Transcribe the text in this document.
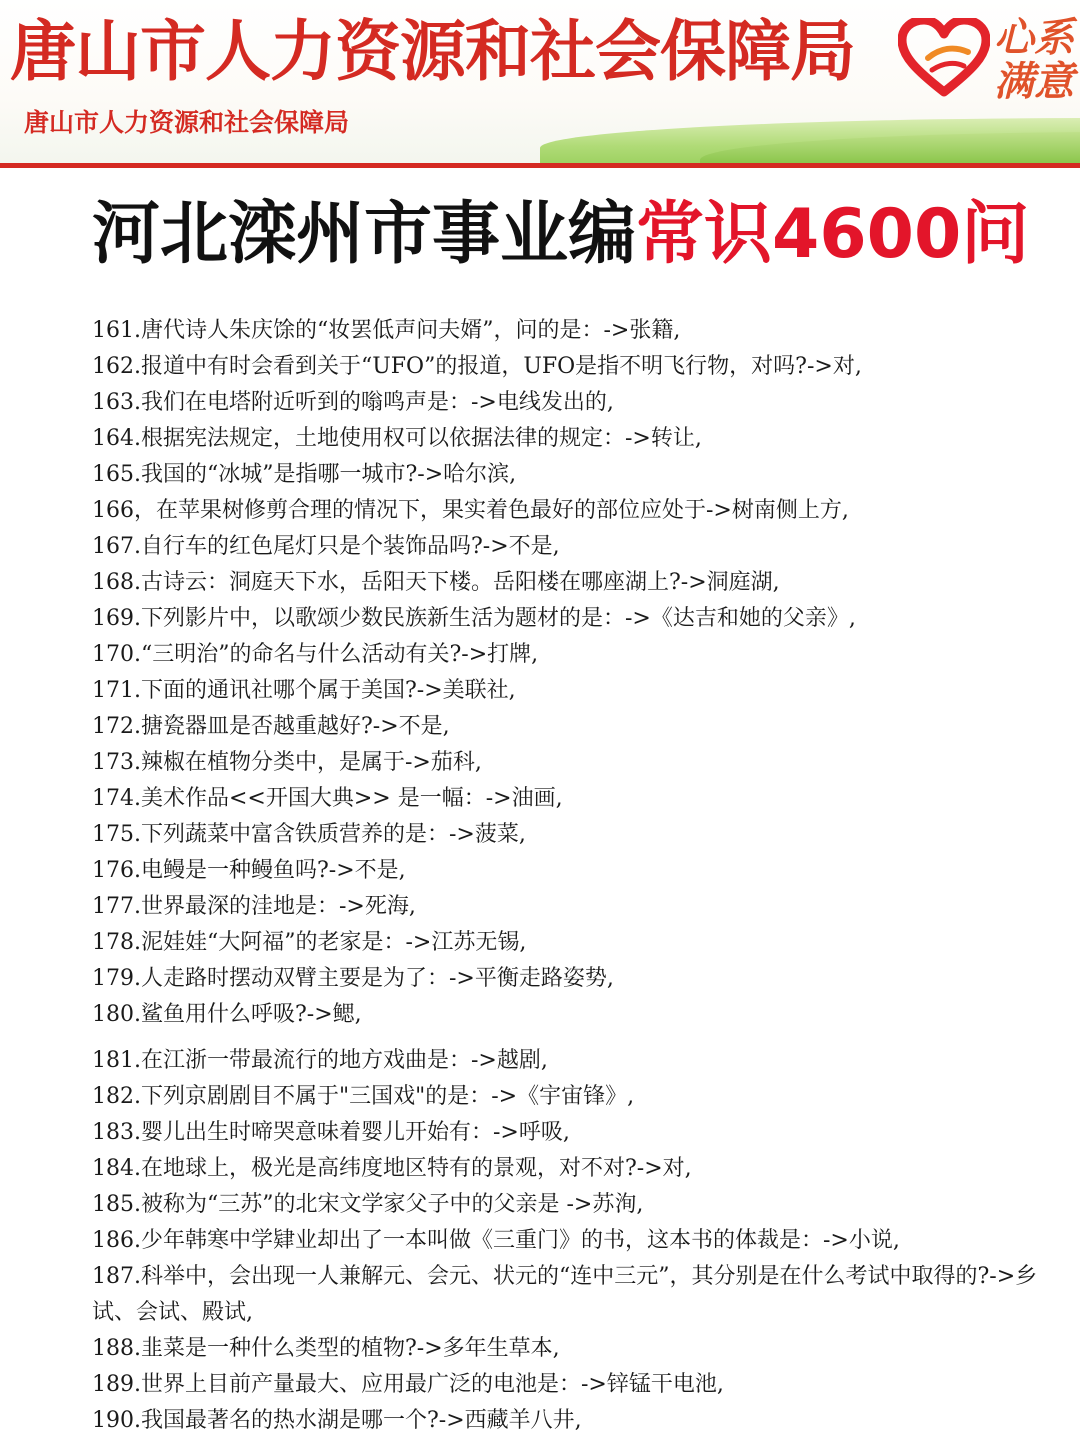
唐山市人力资源和社会保障局
唐山市人力资源和社会保障局
心系
满意
河北滦州市事业编常识4600问
161.唐代诗人朱庆馀的“妆罢低声问夫婿”，问的是：->张籍,
162.报道中有时会看到关于“UFO”的报道，UFO是指不明飞行物，对吗?->对,
163.我们在电塔附近听到的嗡鸣声是：->电线发出的,
164.根据宪法规定，土地使用权可以依据法律的规定：->转让,
165.我国的“冰城”是指哪一城市?->哈尔滨,
166，在苹果树修剪合理的情况下，果实着色最好的部位应处于->树南侧上方,
167.自行车的红色尾灯只是个装饰品吗?->不是,
168.古诗云：洞庭天下水，岳阳天下楼。岳阳楼在哪座湖上?->洞庭湖,
169.下列影片中，以歌颂少数民族新生活为题材的是：->《达吉和她的父亲》,
170.“三明治”的命名与什么活动有关?->打牌,
171.下面的通讯社哪个属于美国?->美联社,
172.搪瓷器皿是否越重越好?->不是,
173.辣椒在植物分类中，是属于->茄科,
174.美术作品<<开国大典>> 是一幅：->油画,
175.下列蔬菜中富含铁质营养的是：->菠菜,
176.电鳗是一种鳗鱼吗?->不是,
177.世界最深的洼地是：->死海,
178.泥娃娃“大阿福”的老家是：->江苏无锡,
179.人走路时摆动双臂主要是为了：->平衡走路姿势,
180.鲨鱼用什么呼吸?->鳃,
181.在江浙一带最流行的地方戏曲是：->越剧,
182.下列京剧剧目不属于"三国戏"的是：->《宇宙锋》,
183.婴儿出生时啼哭意味着婴儿开始有：->呼吸,
184.在地球上，极光是高纬度地区特有的景观，对不对?->对,
185.被称为“三苏”的北宋文学家父子中的父亲是 ->苏洵,
186.少年韩寒中学肄业却出了一本叫做《三重门》的书，这本书的体裁是：->小说,
187.科举中，会出现一人兼解元、会元、状元的“连中三元”，其分别是在什么考试中取得的?->乡试、会试、殿试,
188.韭菜是一种什么类型的植物?->多年生草本,
189.世界上目前产量最大、应用最广泛的电池是：->锌锰干电池,
190.我国最著名的热水湖是哪一个?->西藏羊八井,
